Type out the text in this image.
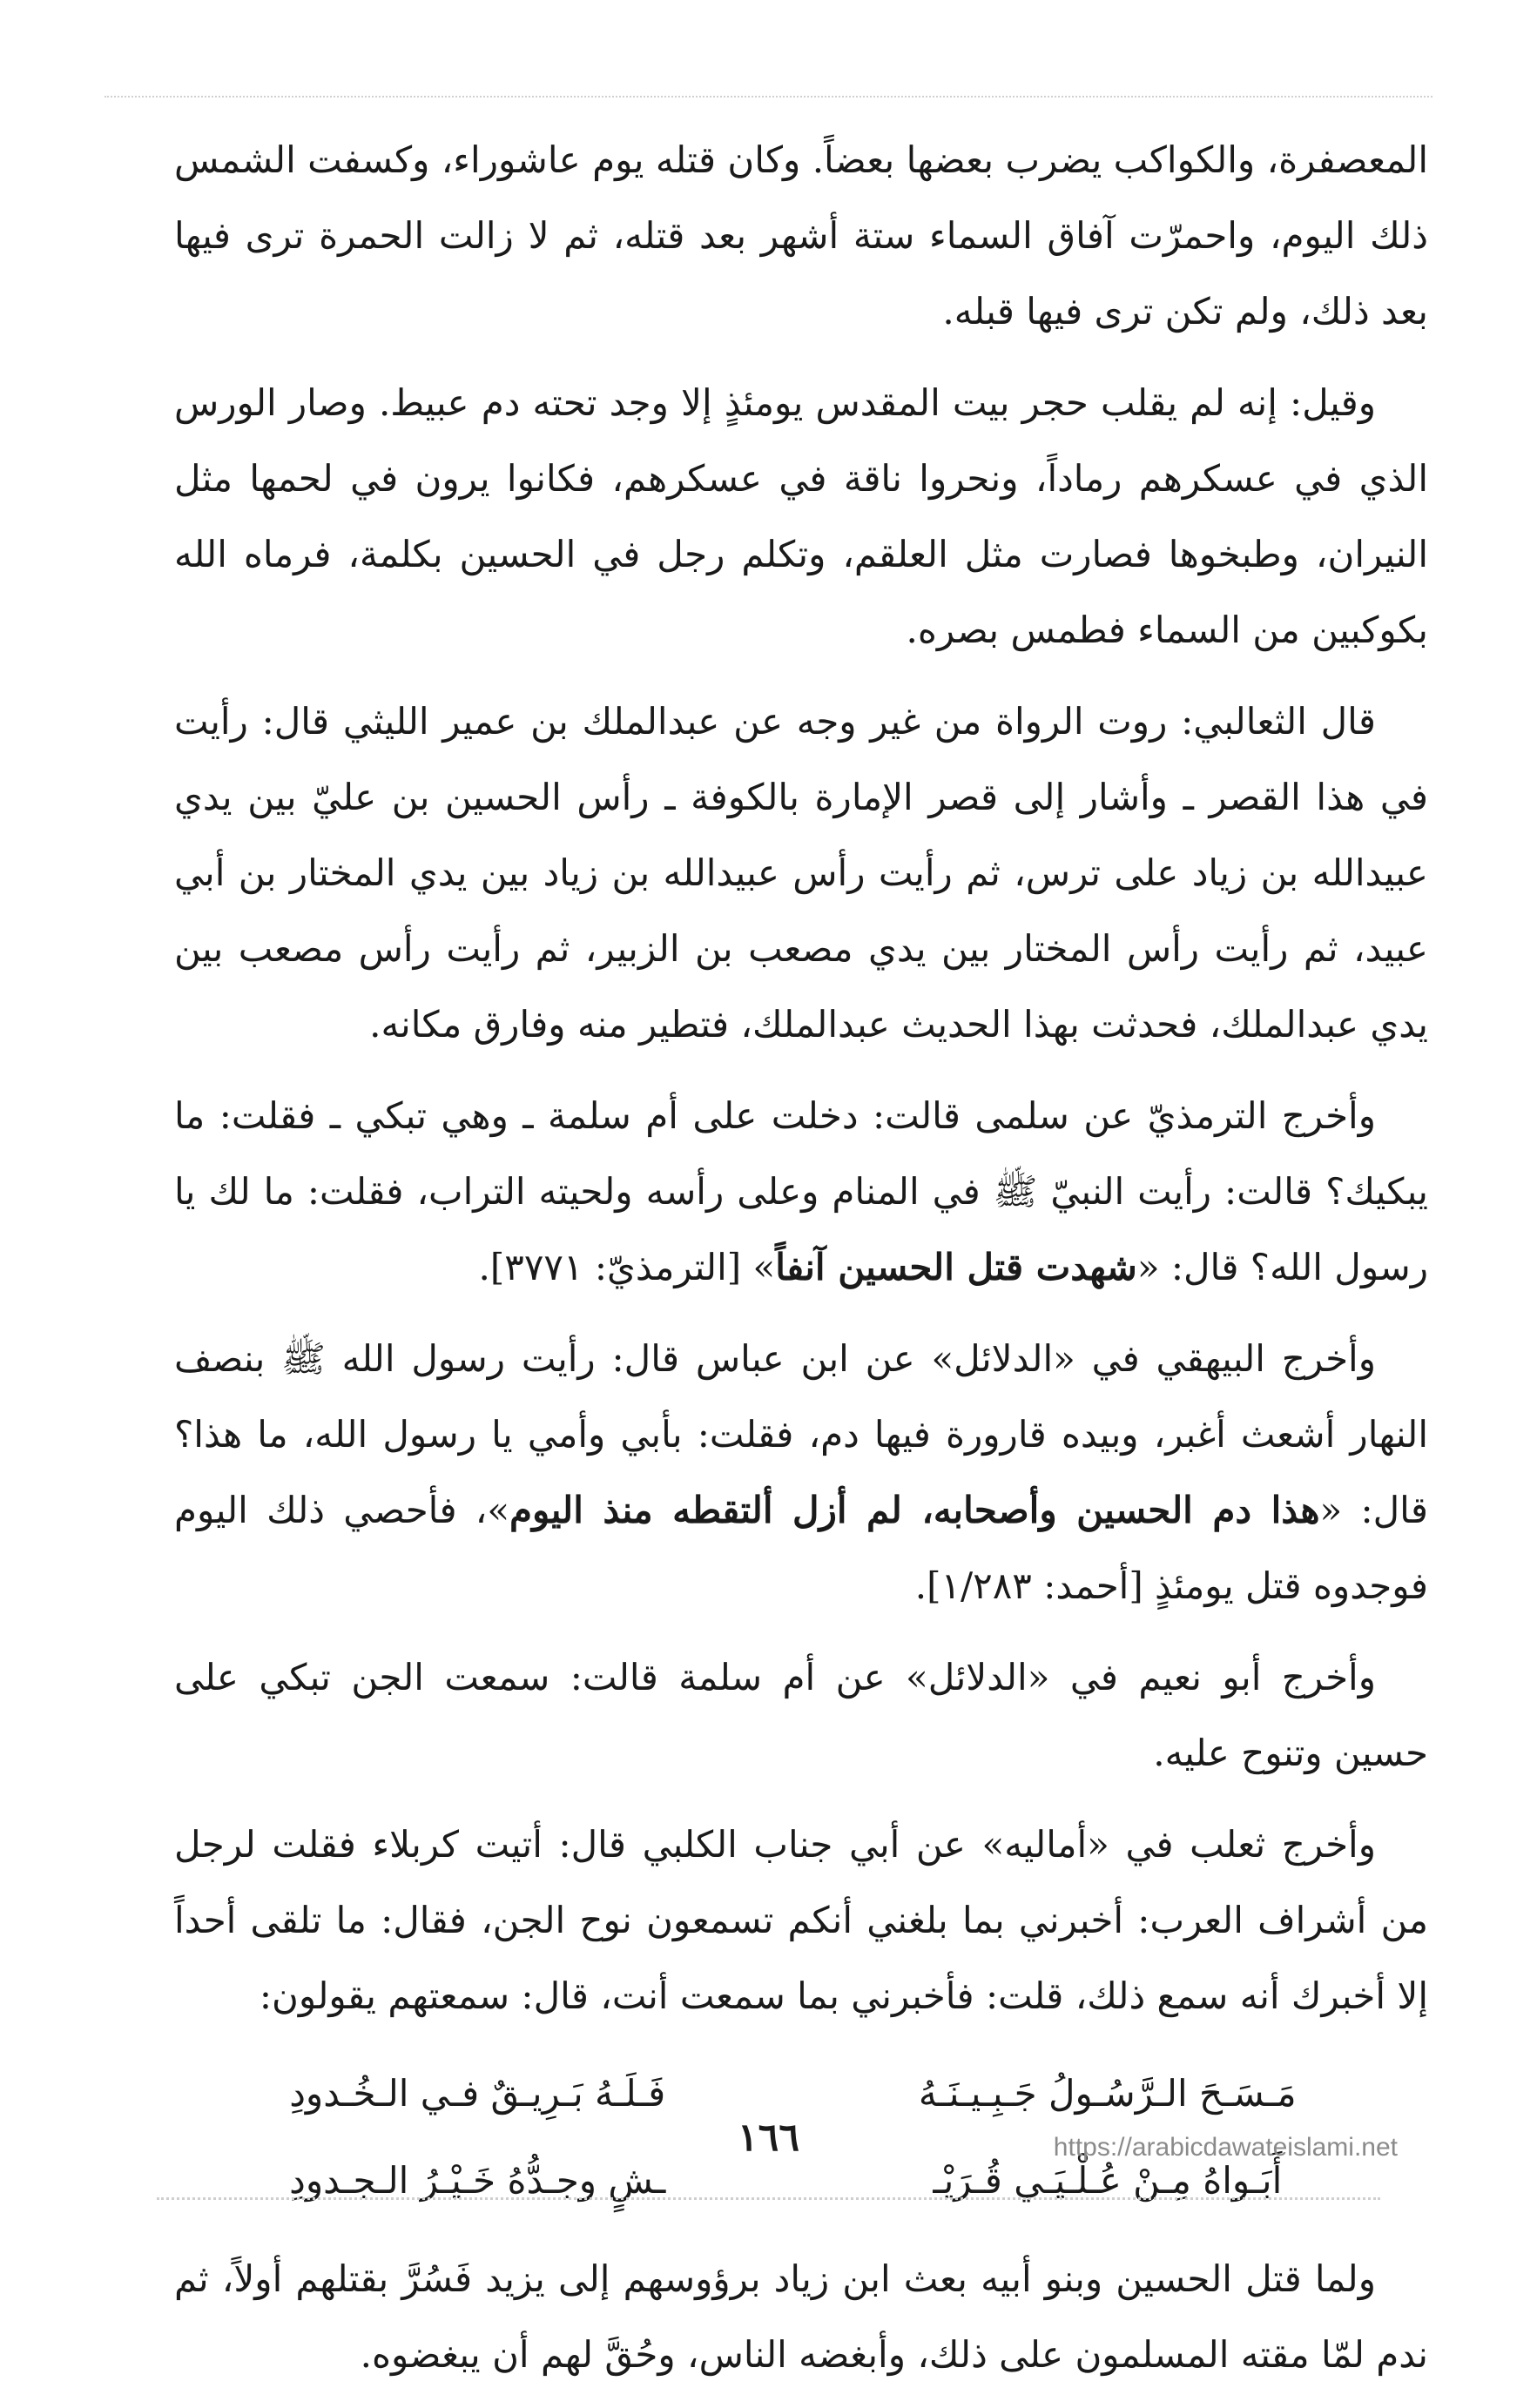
المعصفرة، والكواكب يضرب بعضها بعضاً. وكان قتله يوم عاشوراء، وكسفت الشمس ذلك اليوم، واحمرّت آفاق السماء ستة أشهر بعد قتله، ثم لا زالت الحمرة ترى فيها بعد ذلك، ولم تكن ترى فيها قبله.

وقيل: إنه لم يقلب حجر بيت المقدس يومئذٍ إلا وجد تحته دم عبيط. وصار الورس الذي في عسكرهم رماداً، ونحروا ناقة في عسكرهم، فكانوا يرون في لحمها مثل النيران، وطبخوها فصارت مثل العلقم، وتكلم رجل في الحسين بكلمة، فرماه الله بكوكبين من السماء فطمس بصره.

قال الثعالبي: روت الرواة من غير وجه عن عبدالملك بن عمير الليثي قال: رأيت في هذا القصر ـ وأشار إلى قصر الإمارة بالكوفة ـ رأس الحسين بن عليّ بين يدي عبيدالله بن زياد على ترس، ثم رأيت رأس عبيدالله بن زياد بين يدي المختار بن أبي عبيد، ثم رأيت رأس المختار بين يدي مصعب بن الزبير، ثم رأيت رأس مصعب بين يدي عبدالملك، فحدثت بهذا الحديث عبدالملك، فتطير منه وفارق مكانه.

وأخرج الترمذيّ عن سلمى قالت: دخلت على أم سلمة ـ وهي تبكي ـ فقلت: ما يبكيك؟ قالت: رأيت النبيّ ﷺ في المنام وعلى رأسه ولحيته التراب، فقلت: ما لك يا رسول الله؟ قال: «شهدت قتل الحسين آنفاً» [الترمذيّ: ٣٧٧١].

وأخرج البيهقي في «الدلائل» عن ابن عباس قال: رأيت رسول الله ﷺ بنصف النهار أشعث أغبر، وبيده قارورة فيها دم، فقلت: بأبي وأمي يا رسول الله، ما هذا؟ قال: «هذا دم الحسين وأصحابه، لم أزل ألتقطه منذ اليوم»، فأحصي ذلك اليوم فوجدوه قتل يومئذٍ [أحمد: ١/٢٨٣].

وأخرج أبو نعيم في «الدلائل» عن أم سلمة قالت: سمعت الجن تبكي على حسين وتنوح عليه.

وأخرج ثعلب في «أماليه» عن أبي جناب الكلبي قال: أتيت كربلاء فقلت لرجل من أشراف العرب: أخبرني بما بلغني أنكم تسمعون نوح الجن، فقال: ما تلقى أحداً إلا أخبرك أنه سمع ذلك، قلت: فأخبرني بما سمعت أنت، قال: سمعتهم يقولون:

مَـسَـحَ الـرَّسُـولُ جَـبِـيـنَـهُ
فَـلَـهُ بَـرِيـقٌ فـي الـخُـدودِ
أَبَـواهُ مِـنْ عُـلْـيَـي قُـرَيْـ
ـشٍ وجـدُّهُ خَـيْـرُ الـجـدودِ

ولما قتل الحسين وبنو أبيه بعث ابن زياد برؤوسهم إلى يزيد فَسُرَّ بقتلهم أولاً، ثم ندم لمّا مقته المسلمون على ذلك، وأبغضه الناس، وحُقَّ لهم أن يبغضوه.

١٦٦	https://arabicdawateislami.net
